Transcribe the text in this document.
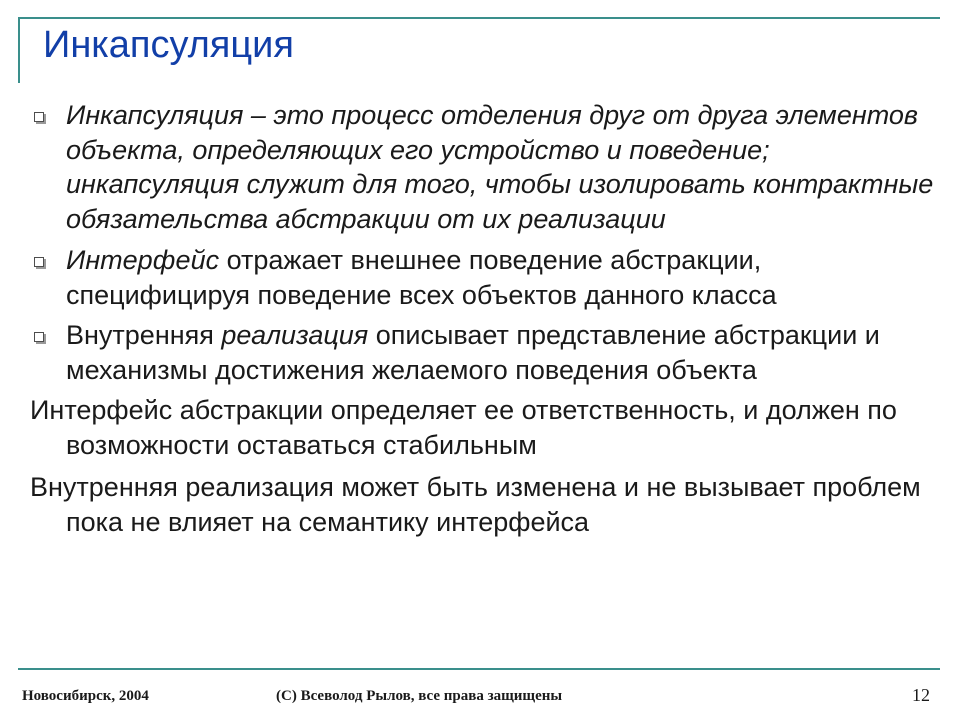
Инкапсуляция
Инкапсуляция – это процесс отделения друг от друга элементов объекта, определяющих его устройство и поведение; инкапсуляция служит для того, чтобы изолировать контрактные обязательства абстракции от их реализации
Интерфейс отражает внешнее поведение абстракции, специфицируя поведение всех объектов данного класса
Внутренняя реализация описывает представление абстракции и механизмы достижения желаемого поведения объекта
Интерфейс абстракции определяет ее ответственность, и должен по возможности оставаться стабильным
Внутренняя реализация может быть изменена и не вызывает проблем пока не влияет на семантику интерфейса
Новосибирск, 2004	(С) Всеволод Рылов, все права защищены	12
